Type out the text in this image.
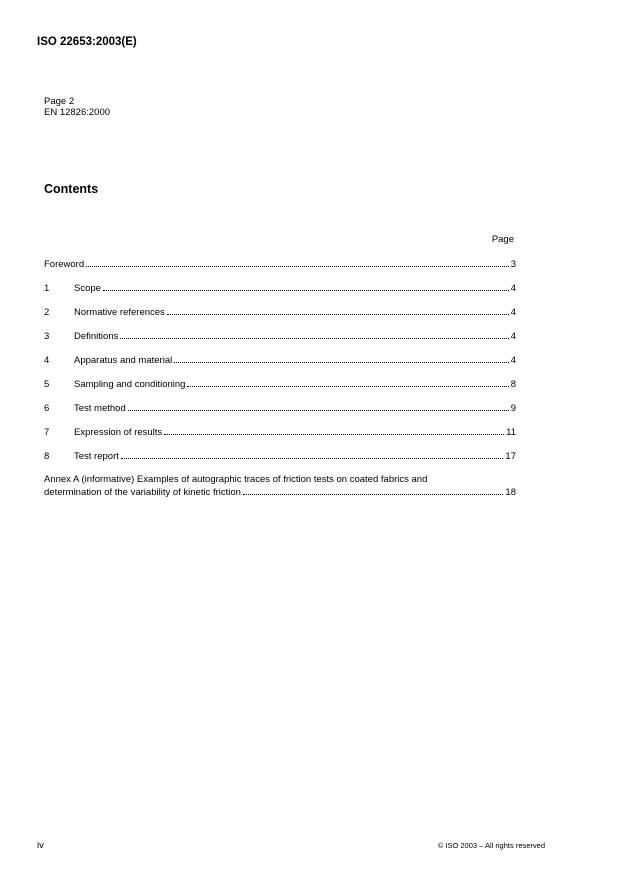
ISO 22653:2003(E)
Page 2
EN 12826:2000
Contents
Page
Foreword	3
1	Scope	4
2	Normative references	4
3	Definitions	4
4	Apparatus and material	4
5	Sampling and conditioning	8
6	Test method	9
7	Expression of results	11
8	Test report	17
Annex A (informative) Examples of autographic traces of friction tests on coated fabrics and
determination of the variability of kinetic friction	18
iv	© ISO 2003 – All rights reserved
